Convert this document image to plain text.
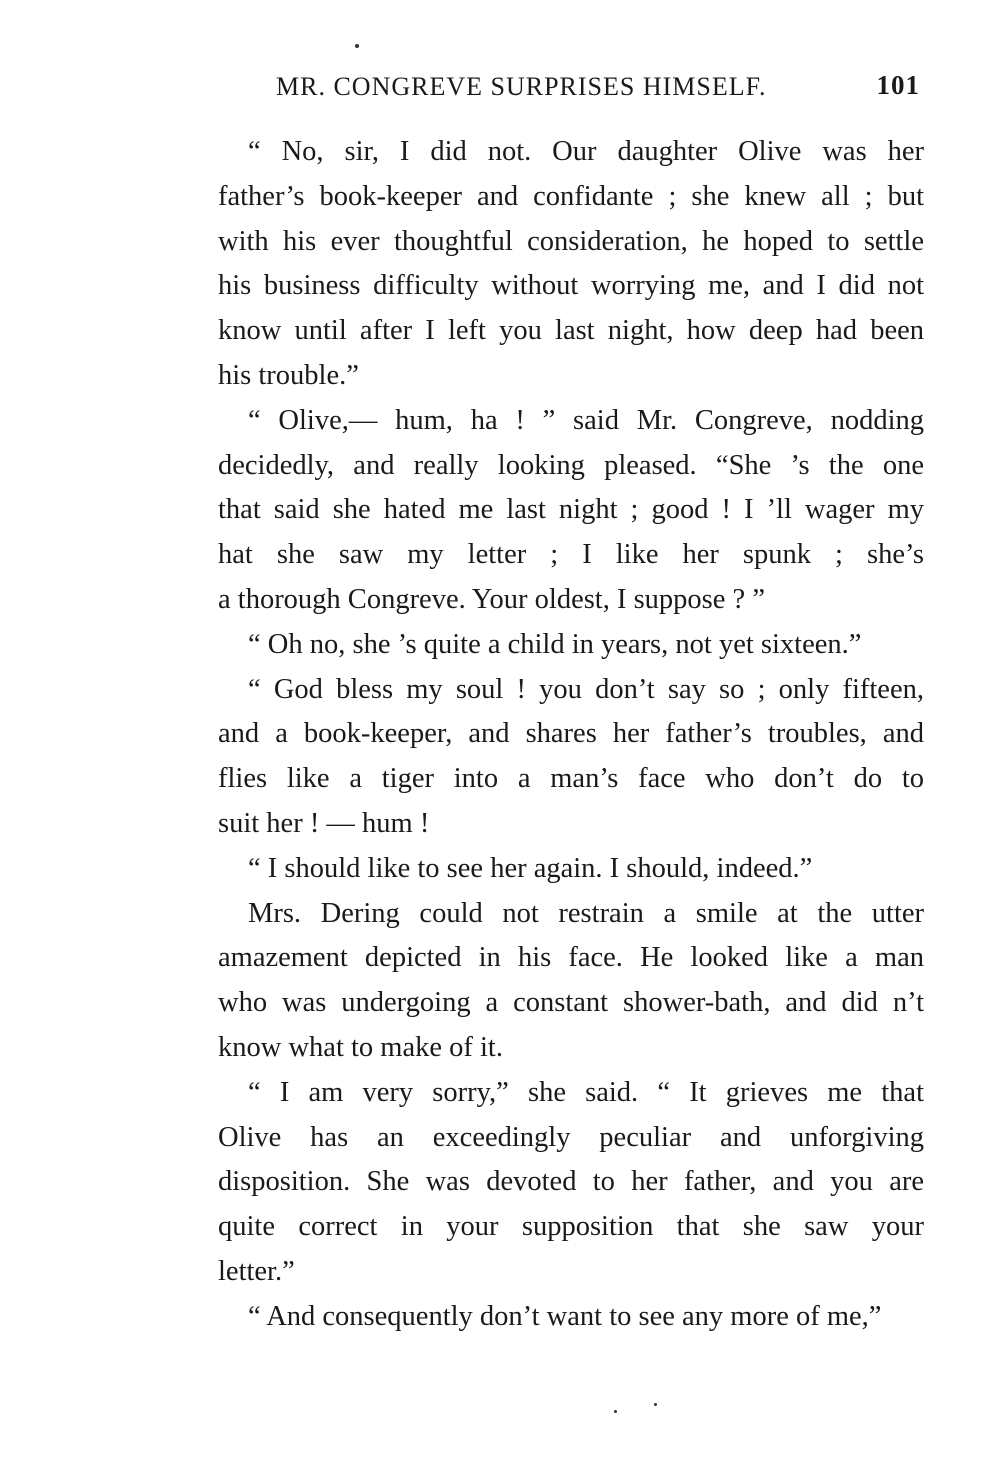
MR. CONGREVE SURPRISES HIMSELF.	101
“ No, sir, I did not. Our daughter Olive was her
father’s book-keeper and confidante ; she knew all ; but
with his ever thoughtful consideration, he hoped to settle
his business difficulty without worrying me, and I did not
know until after I left you last night, how deep had been
his trouble.”
“ Olive,— hum, ha ! ” said Mr. Congreve, nodding
decidedly, and really looking pleased. “She ’s the one
that said she hated me last night ; good ! I ’ll wager my
hat she saw my letter ; I like her spunk ; she’s
a thorough Congreve. Your oldest, I suppose ? ”
“ Oh no, she ’s quite a child in years, not yet sixteen.”
“ God bless my soul ! you don’t say so ; only fifteen,
and a book-keeper, and shares her father’s troubles, and
flies like a tiger into a man’s face who don’t do to
suit her ! — hum !
“ I should like to see her again. I should, indeed.”
Mrs. Dering could not restrain a smile at the utter
amazement depicted in his face. He looked like a man
who was undergoing a constant shower-bath, and did n’t
know what to make of it.
“ I am very sorry,” she said. “ It grieves me that
Olive has an exceedingly peculiar and unforgiving
disposition. She was devoted to her father, and you are
quite correct in your supposition that she saw your
letter.”
“ And consequently don’t want to see any more of me,”
